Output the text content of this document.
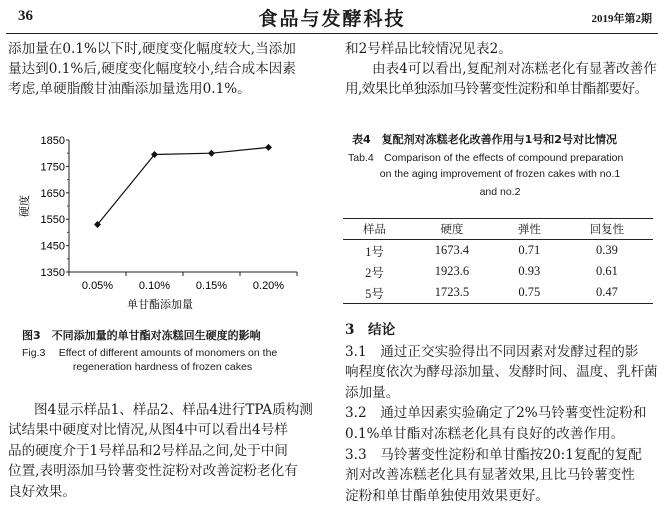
36	食品与发酵科技	2019年第2期
添加量在0.1%以下时,硬度变化幅度较大,当添加
量达到0.1%后,硬度变化幅度较小,结合成本因素
考虑,单硬脂酸甘油酯添加量选用0.1%。
和2号样品比较情况见表2。
由表4可以看出,复配剂对冻糕老化有显著改善作
用,效果比单独添加马铃薯变性淀粉和单甘酯都要好。
1350
1450
1550
1650
1750
1850
0.05% 0.10% 0.15% 0.20%
单甘酯添加量
硬度
图3　不同添加量的单甘酯对冻糕回生硬度的影响
Fig.3　 Effect of different amounts of monomers on the
regeneration hardness of frozen cakes
表4　复配剂对冻糕老化改善作用与1号和2号对比情况
Tab.4　Comparison of the effects of compound preparation
on the aging improvement of frozen cakes with no.1
and no.2
样品	硬度	弹性	回复性
1号	1673.4	0.71	0.39
2号	1923.6	0.93	0.61
5号	1723.5	0.75	0.47
图4显示样品1、样品2、样品4进行TPA质构测
试结果中硬度对比情况,从图4中可以看出4号样
品的硬度介于1号样品和2号样品之间,处于中间
位置,表明添加马铃薯变性淀粉对改善淀粉老化有
良好效果。
3　结论
3.1　通过正交实验得出不同因素对发酵过程的影
响程度依次为酵母添加量、发酵时间、温度、乳杆菌
添加量。
3.2　通过单因素实验确定了2%马铃薯变性淀粉和
0.1%单甘酯对冻糕老化具有良好的改善作用。
3.3　马铃薯变性淀粉和单甘酯按20:1复配的复配
剂对改善冻糕老化具有显著效果,且比马铃薯变性
淀粉和单甘酯单独使用效果更好。
